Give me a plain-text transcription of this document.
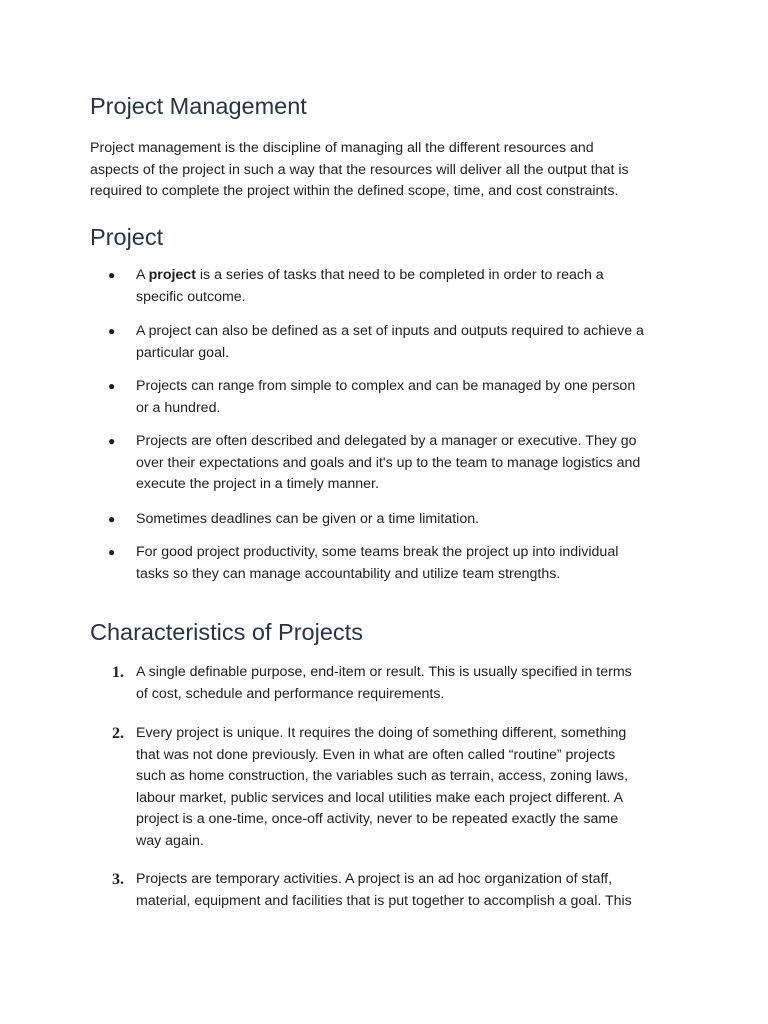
Project Management

Project management is the discipline of managing all the different resources and
aspects of the project in such a way that the resources will deliver all the output that is
required to complete the project within the defined scope, time, and cost constraints.

Project
● A project is a series of tasks that need to be completed in order to reach a
specific outcome.
● A project can also be defined as a set of inputs and outputs required to achieve a
particular goal.
● Projects can range from simple to complex and can be managed by one person
or a hundred.
● Projects are often described and delegated by a manager or executive. They go
over their expectations and goals and it's up to the team to manage logistics and
execute the project in a timely manner.
● Sometimes deadlines can be given or a time limitation.
● For good project productivity, some teams break the project up into individual
tasks so they can manage accountability and utilize team strengths.
Characteristics of Projects
1. A single definable purpose, end-item or result. This is usually specified in terms
of cost, schedule and performance requirements.
2. Every project is unique. It requires the doing of something different, something
that was not done previously. Even in what are often called “routine” projects
such as home construction, the variables such as terrain, access, zoning laws,
labour market, public services and local utilities make each project different. A
project is a one-time, once-off activity, never to be repeated exactly the same
way again.
3. Projects are temporary activities. A project is an ad hoc organization of staff,
material, equipment and facilities that is put together to accomplish a goal. This
